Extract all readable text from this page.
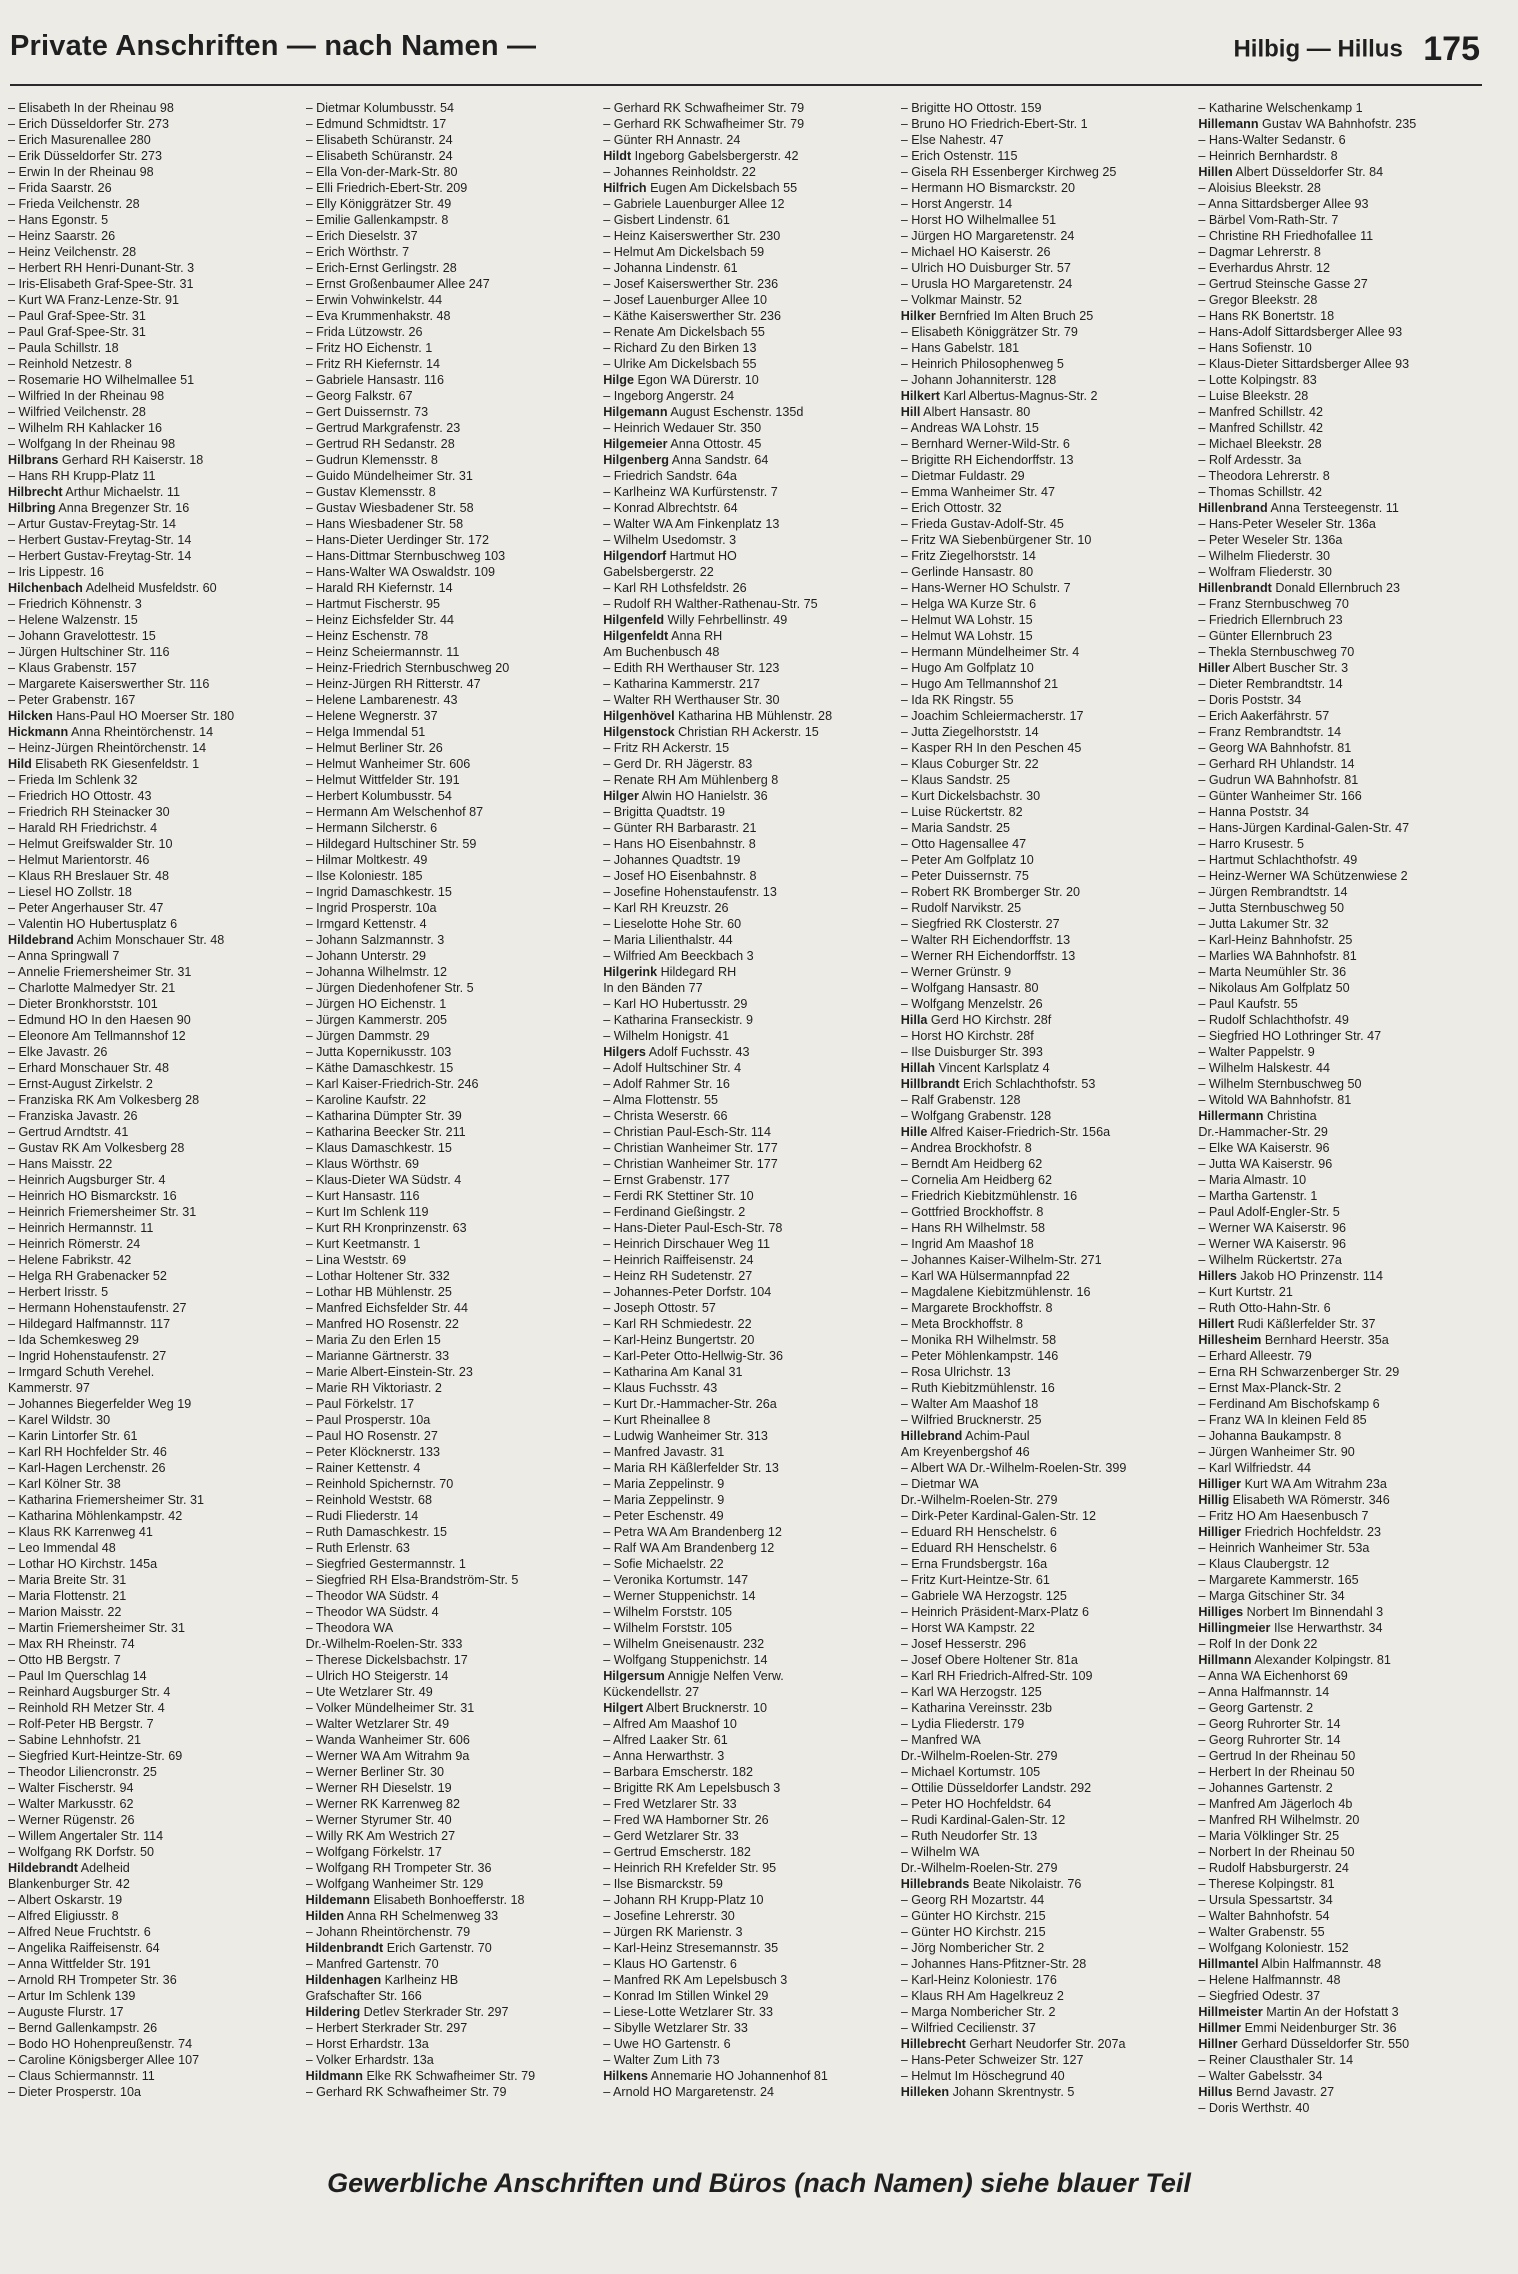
Private Anschriften — nach Namen —	Hilbig — Hillus 175
– Elisabeth In der Rheinau 98
– Erich Düsseldorfer Str. 273
– Erich Masurenallee 280
– Erik Düsseldorfer Str. 273
– Erwin In der Rheinau 98
– Frida Saarstr. 26
– Frieda Veilchenstr. 28
– Hans Egonstr. 5
– Heinz Saarstr. 26
– Heinz Veilchenstr. 28
– Herbert RH Henri-Dunant-Str. 3
– Iris-Elisabeth Graf-Spee-Str. 31
– Kurt WA Franz-Lenze-Str. 91
– Paul Graf-Spee-Str. 31
– Paul Graf-Spee-Str. 31
– Paula Schillstr. 18
– Reinhold Netzestr. 8
– Rosemarie HO Wilhelmallee 51
– Wilfried In der Rheinau 98
– Wilfried Veilchenstr. 28
– Wilhelm RH Kahlacker 16
– Wolfgang In der Rheinau 98
Hilbrans Gerhard RH Kaiserstr. 18
– Hans RH Krupp-Platz 11
Hilbrecht Arthur Michaelstr. 11
Hilbring Anna Bregenzer Str. 16
– Artur Gustav-Freytag-Str. 14
– Herbert Gustav-Freytag-Str. 14
– Herbert Gustav-Freytag-Str. 14
– Iris Lippestr. 16
Hilchenbach Adelheid Musfeldstr. 60
– Friedrich Köhnenstr. 3
– Helene Walzenstr. 15
– Johann Gravelottestr. 15
– Jürgen Hultschiner Str. 116
– Klaus Grabenstr. 157
– Margarete Kaiserswerther Str. 116
– Peter Grabenstr. 167
Hilcken Hans-Paul HO Moerser Str. 180
Hickmann Anna Rheintörchenstr. 14
– Heinz-Jürgen Rheintörchenstr. 14
Hild Elisabeth RK Giesenfeldstr. 1
– Frieda Im Schlenk 32
– Friedrich HO Ottostr. 43
– Friedrich RH Steinacker 30
– Harald RH Friedrichstr. 4
– Helmut Greifswalder Str. 10
– Helmut Marientorstr. 46
– Klaus RH Breslauer Str. 48
– Liesel HO Zollstr. 18
– Peter Angerhauser Str. 47
– Valentin HO Hubertusplatz 6
Hildebrand Achim Monschauer Str. 48
– Anna Springwall 7
– Annelie Friemersheimer Str. 31
– Charlotte Malmedyer Str. 21
– Dieter Bronkhorststr. 101
– Edmund HO In den Haesen 90
– Eleonore Am Tellmannshof 12
– Elke Javastr. 26
– Erhard Monschauer Str. 48
– Ernst-August Zirkelstr. 2
– Franziska RK Am Volkesberg 28
– Franziska Javastr. 26
– Gertrud Arndtstr. 41
– Gustav RK Am Volkesberg 28
– Hans Maisstr. 22
– Heinrich Augsburger Str. 4
– Heinrich HO Bismarckstr. 16
– Heinrich Friemersheimer Str. 31
– Heinrich Hermannstr. 11
– Heinrich Römerstr. 24
– Helene Fabrikstr. 42
– Helga RH Grabenacker 52
– Herbert Irisstr. 5
– Hermann Hohenstaufenstr. 27
– Hildegard Halfmannstr. 117
– Ida Schemkesweg 29
– Ingrid Hohenstaufenstr. 27
– Irmgard Schuth Verehel.
Kammerstr. 97
– Johannes Biegerfelder Weg 19
– Karel Wildstr. 30
– Karin Lintorfer Str. 61
– Karl RH Hochfelder Str. 46
– Karl-Hagen Lerchenstr. 26
– Karl Kölner Str. 38
– Katharina Friemersheimer Str. 31
– Katharina Möhlenkampstr. 42
– Klaus RK Karrenweg 41
– Leo Immendal 48
– Lothar HO Kirchstr. 145a
– Maria Breite Str. 31
– Maria Flottenstr. 21
– Marion Maisstr. 22
– Martin Friemersheimer Str. 31
– Max RH Rheinstr. 74
– Otto HB Bergstr. 7
– Paul Im Querschlag 14
– Reinhard Augsburger Str. 4
– Reinhold RH Metzer Str. 4
– Rolf-Peter HB Bergstr. 7
– Sabine Lehnhofstr. 21
– Siegfried Kurt-Heintze-Str. 69
– Theodor Liliencronstr. 25
– Walter Fischerstr. 94
– Walter Markusstr. 62
– Werner Rügenstr. 26
– Willem Angertaler Str. 114
– Wolfgang RK Dorfstr. 50
Hildebrandt Adelheid
Blankenburger Str. 42
– Albert Oskarstr. 19
– Alfred Eligiusstr. 8
– Alfred Neue Fruchtstr. 6
– Angelika Raiffeisenstr. 64
– Anna Wittfelder Str. 191
– Arnold RH Trompeter Str. 36
– Artur Im Schlenk 139
– Auguste Flurstr. 17
– Bernd Gallenkampstr. 26
– Bodo HO Hohenpreußenstr. 74
– Caroline Königsberger Allee 107
– Claus Schiermannstr. 11
– Dieter Prosperstr. 10a
– Dietmar Kolumbusstr. 54
– Edmund Schmidtstr. 17
– Elisabeth Schüranstr. 24
– Elisabeth Schüranstr. 24
– Ella Von-der-Mark-Str. 80
– Elli Friedrich-Ebert-Str. 209
– Elly Königgrätzer Str. 49
– Emilie Gallenkampstr. 8
– Erich Dieselstr. 37
– Erich Wörthstr. 7
– Erich-Ernst Gerlingstr. 28
– Ernst Großenbaumer Allee 247
– Erwin Vohwinkelstr. 44
– Eva Krummenhakstr. 48
– Frida Lützowstr. 26
– Fritz HO Eichenstr. 1
– Fritz RH Kiefernstr. 14
– Gabriele Hansastr. 116
– Georg Falkstr. 67
– Gert Duissernstr. 73
– Gertrud Markgrafenstr. 23
– Gertrud RH Sedanstr. 28
– Gudrun Klemensstr. 8
– Guido Mündelheimer Str. 31
– Gustav Klemensstr. 8
– Gustav Wiesbadener Str. 58
– Hans Wiesbadener Str. 58
– Hans-Dieter Uerdinger Str. 172
– Hans-Dittmar Sternbuschweg 103
– Hans-Walter WA Oswaldstr. 109
– Harald RH Kiefernstr. 14
– Hartmut Fischerstr. 95
– Heinz Eichsfelder Str. 44
– Heinz Eschenstr. 78
– Heinz Scheiermannstr. 11
– Heinz-Friedrich Sternbuschweg 20
– Heinz-Jürgen RH Ritterstr. 47
– Helene Lambarenestr. 43
– Helene Wegnerstr. 37
– Helga Immendal 51
– Helmut Berliner Str. 26
– Helmut Wanheimer Str. 606
– Helmut Wittfelder Str. 191
– Herbert Kolumbusstr. 54
– Hermann Am Welschenhof 87
– Hermann Silcherstr. 6
– Hildegard Hultschiner Str. 59
– Hilmar Moltkestr. 49
– Ilse Koloniestr. 185
– Ingrid Damaschkestr. 15
– Ingrid Prosperstr. 10a
– Irmgard Kettenstr. 4
– Johann Salzmannstr. 3
– Johann Unterstr. 29
– Johanna Wilhelmstr. 12
– Jürgen Diedenhofener Str. 5
– Jürgen HO Eichenstr. 1
– Jürgen Kammerstr. 205
– Jürgen Dammstr. 29
– Jutta Kopernikusstr. 103
– Käthe Damaschkestr. 15
– Karl Kaiser-Friedrich-Str. 246
– Karoline Kaufstr. 22
– Katharina Dümpter Str. 39
– Katharina Beecker Str. 211
– Klaus Damaschkestr. 15
– Klaus Wörthstr. 69
– Klaus-Dieter WA Südstr. 4
– Kurt Hansastr. 116
– Kurt Im Schlenk 119
– Kurt RH Kronprinzenstr. 63
– Kurt Keetmanstr. 1
– Lina Weststr. 69
– Lothar Holtener Str. 332
– Lothar HB Mühlenstr. 25
– Manfred Eichsfelder Str. 44
– Manfred HO Rosenstr. 22
– Maria Zu den Erlen 15
– Marianne Gärtnerstr. 33
– Marie Albert-Einstein-Str. 23
– Marie RH Viktoriastr. 2
– Paul Förkelstr. 17
– Paul Prosperstr. 10a
– Paul HO Rosenstr. 27
– Peter Klöcknerstr. 133
– Rainer Kettenstr. 4
– Reinhold Spichernstr. 70
– Reinhold Weststr. 68
– Rudi Fliederstr. 14
– Ruth Damaschkestr. 15
– Ruth Erlenstr. 63
– Siegfried Gestermannstr. 1
– Siegfried RH Elsa-Brandström-Str. 5
– Theodor WA Südstr. 4
– Theodor WA Südstr. 4
– Theodora WA
Dr.-Wilhelm-Roelen-Str. 333
– Therese Dickelsbachstr. 17
– Ulrich HO Steigerstr. 14
– Ute Wetzlarer Str. 49
– Volker Mündelheimer Str. 31
– Walter Wetzlarer Str. 49
– Wanda Wanheimer Str. 606
– Werner WA Am Witrahm 9a
– Werner Berliner Str. 30
– Werner RH Dieselstr. 19
– Werner RK Karrenweg 82
– Werner Styrumer Str. 40
– Willy RK Am Westrich 27
– Wolfgang Förkelstr. 17
– Wolfgang RH Trompeter Str. 36
– Wolfgang Wanheimer Str. 129
Hildemann Elisabeth Bonhoefferstr. 18
Hilden Anna RH Schelmenweg 33
– Johann Rheintörchenstr. 79
Hildenbrandt Erich Gartenstr. 70
– Manfred Gartenstr. 70
Hildenhagen Karlheinz HB
Grafschafter Str. 166
Hildering Detlev Sterkrader Str. 297
– Herbert Sterkrader Str. 297
– Horst Erhardstr. 13a
– Volker Erhardstr. 13a
Hildmann Elke RK Schwafheimer Str. 79
– Gerhard RK Schwafheimer Str. 79
– Gerhard RK Schwafheimer Str. 79
– Gerhard RK Schwafheimer Str. 79
– Günter RH Annastr. 24
Hildt Ingeborg Gabelsbergerstr. 42
– Johannes Reinholdstr. 22
Hilfrich Eugen Am Dickelsbach 55
– Gabriele Lauenburger Allee 12
– Gisbert Lindenstr. 61
– Heinz Kaiserswerther Str. 230
– Helmut Am Dickelsbach 59
– Johanna Lindenstr. 61
– Josef Kaiserswerther Str. 236
– Josef Lauenburger Allee 10
– Käthe Kaiserswerther Str. 236
– Renate Am Dickelsbach 55
– Richard Zu den Birken 13
– Ulrike Am Dickelsbach 55
Hilge Egon WA Dürerstr. 10
– Ingeborg Angerstr. 24
Hilgemann August Eschenstr. 135d
– Heinrich Wedauer Str. 350
Hilgemeier Anna Ottostr. 45
Hilgenberg Anna Sandstr. 64
– Friedrich Sandstr. 64a
– Karlheinz WA Kurfürstenstr. 7
– Konrad Albrechtstr. 64
– Walter WA Am Finkenplatz 13
– Wilhelm Usedomstr. 3
Hilgendorf Hartmut HO
Gabelsbergerstr. 22
– Karl RH Lothsfeldstr. 26
– Rudolf RH Walther-Rathenau-Str. 75
Hilgenfeld Willy Fehrbellinstr. 49
Hilgenfeldt Anna RH
Am Buchenbusch 48
– Edith RH Werthauser Str. 123
– Katharina Kammerstr. 217
– Walter RH Werthauser Str. 30
Hilgenhövel Katharina HB Mühlenstr. 28
Hilgenstock Christian RH Ackerstr. 15
– Fritz RH Ackerstr. 15
– Gerd Dr. RH Jägerstr. 83
– Renate RH Am Mühlenberg 8
Hilger Alwin HO Hanielstr. 36
– Brigitta Quadtstr. 19
– Günter RH Barbarastr. 21
– Hans HO Eisenbahnstr. 8
– Johannes Quadtstr. 19
– Josef HO Eisenbahnstr. 8
– Josefine Hohenstaufenstr. 13
– Karl RH Kreuzstr. 26
– Lieselotte Hohe Str. 60
– Maria Lilienthalstr. 44
– Wilfried Am Beeckbach 3
Hilgerink Hildegard RH
In den Bänden 77
– Karl HO Hubertusstr. 29
– Katharina Franseckistr. 9
– Wilhelm Honigstr. 41
Hilgers Adolf Fuchsstr. 43
– Adolf Hultschiner Str. 4
– Adolf Rahmer Str. 16
– Alma Flottenstr. 55
– Christa Weserstr. 66
– Christian Paul-Esch-Str. 114
– Christian Wanheimer Str. 177
– Christian Wanheimer Str. 177
– Ernst Grabenstr. 177
– Ferdi RK Stettiner Str. 10
– Ferdinand Gießingstr. 2
– Hans-Dieter Paul-Esch-Str. 78
– Heinrich Dirschauer Weg 11
– Heinrich Raiffeisenstr. 24
– Heinz RH Sudetenstr. 27
– Johannes-Peter Dorfstr. 104
– Joseph Ottostr. 57
– Karl RH Schmiedestr. 22
– Karl-Heinz Bungertstr. 20
– Karl-Peter Otto-Hellwig-Str. 36
– Katharina Am Kanal 31
– Klaus Fuchsstr. 43
– Kurt Dr.-Hammacher-Str. 26a
– Kurt Rheinallee 8
– Ludwig Wanheimer Str. 313
– Manfred Javastr. 31
– Maria RH Käßlerfelder Str. 13
– Maria Zeppelinstr. 9
– Maria Zeppelinstr. 9
– Peter Eschenstr. 49
– Petra WA Am Brandenberg 12
– Ralf WA Am Brandenberg 12
– Sofie Michaelstr. 22
– Veronika Kortumstr. 147
– Werner Stuppenichstr. 14
– Wilhelm Forststr. 105
– Wilhelm Forststr. 105
– Wilhelm Gneisenaustr. 232
– Wolfgang Stuppenichstr. 14
Hilgersum Annigje Nelfen Verw.
Kückendellstr. 27
Hilgert Albert Brucknerstr. 10
– Alfred Am Maashof 10
– Alfred Laaker Str. 61
– Anna Herwarthstr. 3
– Barbara Emscherstr. 182
– Brigitte RK Am Lepelsbusch 3
– Fred Wetzlarer Str. 33
– Fred WA Hamborner Str. 26
– Gerd Wetzlarer Str. 33
– Gertrud Emscherstr. 182
– Heinrich RH Krefelder Str. 95
– Ilse Bismarckstr. 59
– Johann RH Krupp-Platz 10
– Josefine Lehrerstr. 30
– Jürgen RK Marienstr. 3
– Karl-Heinz Stresemannstr. 35
– Klaus HO Gartenstr. 6
– Manfred RK Am Lepelsbusch 3
– Konrad Im Stillen Winkel 29
– Liese-Lotte Wetzlarer Str. 33
– Sibylle Wetzlarer Str. 33
– Uwe HO Gartenstr. 6
– Walter Zum Lith 73
Hilkens Annemarie HO Johannenhof 81
– Arnold HO Margaretenstr. 24
– Brigitte HO Ottostr. 159
– Bruno HO Friedrich-Ebert-Str. 1
– Else Nahestr. 47
– Erich Ostenstr. 115
– Gisela RH Essenberger Kirchweg 25
– Hermann HO Bismarckstr. 20
– Horst Angerstr. 14
– Horst HO Wilhelmallee 51
– Jürgen HO Margaretenstr. 24
– Michael HO Kaiserstr. 26
– Ulrich HO Duisburger Str. 57
– Urusla HO Margaretenstr. 24
– Volkmar Mainstr. 52
Hilker Bernfried Im Alten Bruch 25
– Elisabeth Königgrätzer Str. 79
– Hans Gabelstr. 181
– Heinrich Philosophenweg 5
– Johann Johanniterstr. 128
Hilkert Karl Albertus-Magnus-Str. 2
Hill Albert Hansastr. 80
– Andreas WA Lohstr. 15
– Bernhard Werner-Wild-Str. 6
– Brigitte RH Eichendorffstr. 13
– Dietmar Fuldastr. 29
– Emma Wanheimer Str. 47
– Erich Ottostr. 32
– Frieda Gustav-Adolf-Str. 45
– Fritz WA Siebenbürgener Str. 10
– Fritz Ziegelhorststr. 14
– Gerlinde Hansastr. 80
– Hans-Werner HO Schulstr. 7
– Helga WA Kurze Str. 6
– Helmut WA Lohstr. 15
– Helmut WA Lohstr. 15
– Hermann Mündelheimer Str. 4
– Hugo Am Golfplatz 10
– Hugo Am Tellmannshof 21
– Ida RK Ringstr. 55
– Joachim Schleiermacherstr. 17
– Jutta Ziegelhorststr. 14
– Kasper RH In den Peschen 45
– Klaus Coburger Str. 22
– Klaus Sandstr. 25
– Kurt Dickelsbachstr. 30
– Luise Rückertstr. 82
– Maria Sandstr. 25
– Otto Hagensallee 47
– Peter Am Golfplatz 10
– Peter Duissernstr. 75
– Robert RK Bromberger Str. 20
– Rudolf Narvikstr. 25
– Siegfried RK Closterstr. 27
– Walter RH Eichendorffstr. 13
– Werner RH Eichendorffstr. 13
– Werner Grünstr. 9
– Wolfgang Hansastr. 80
– Wolfgang Menzelstr. 26
Hilla Gerd HO Kirchstr. 28f
– Horst HO Kirchstr. 28f
– Ilse Duisburger Str. 393
Hillah Vincent Karlsplatz 4
Hillbrandt Erich Schlachthofstr. 53
– Ralf Grabenstr. 128
– Wolfgang Grabenstr. 128
Hille Alfred Kaiser-Friedrich-Str. 156a
– Andrea Brockhofstr. 8
– Berndt Am Heidberg 62
– Cornelia Am Heidberg 62
– Friedrich Kiebitzmühlenstr. 16
– Gottfried Brockhoffstr. 8
– Hans RH Wilhelmstr. 58
– Ingrid Am Maashof 18
– Johannes Kaiser-Wilhelm-Str. 271
– Karl WA Hülsermannpfad 22
– Magdalene Kiebitzmühlenstr. 16
– Margarete Brockhoffstr. 8
– Meta Brockhoffstr. 8
– Monika RH Wilhelmstr. 58
– Peter Möhlenkampstr. 146
– Rosa Ulrichstr. 13
– Ruth Kiebitzmühlenstr. 16
– Walter Am Maashof 18
– Wilfried Brucknerstr. 25
Hillebrand Achim-Paul
Am Kreyenbergshof 46
– Albert WA Dr.-Wilhelm-Roelen-Str. 399
– Dietmar WA
Dr.-Wilhelm-Roelen-Str. 279
– Dirk-Peter Kardinal-Galen-Str. 12
– Eduard RH Henschelstr. 6
– Eduard RH Henschelstr. 6
– Erna Frundsbergstr. 16a
– Fritz Kurt-Heintze-Str. 61
– Gabriele WA Herzogstr. 125
– Heinrich Präsident-Marx-Platz 6
– Horst WA Kampstr. 22
– Josef Hesserstr. 296
– Josef Obere Holtener Str. 81a
– Karl RH Friedrich-Alfred-Str. 109
– Karl WA Herzogstr. 125
– Katharina Vereinsstr. 23b
– Lydia Fliederstr. 179
– Manfred WA
Dr.-Wilhelm-Roelen-Str. 279
– Michael Kortumstr. 105
– Ottilie Düsseldorfer Landstr. 292
– Peter HO Hochfeldstr. 64
– Rudi Kardinal-Galen-Str. 12
– Ruth Neudorfer Str. 13
– Wilhelm WA
Dr.-Wilhelm-Roelen-Str. 279
Hillebrands Beate Nikolaistr. 76
– Georg RH Mozartstr. 44
– Günter HO Kirchstr. 215
– Günter HO Kirchstr. 215
– Jörg Nombericher Str. 2
– Johannes Hans-Pfitzner-Str. 28
– Karl-Heinz Koloniestr. 176
– Klaus RH Am Hagelkreuz 2
– Marga Nombericher Str. 2
– Wilfried Cecilienstr. 37
Hillebrecht Gerhart Neudorfer Str. 207a
– Hans-Peter Schweizer Str. 127
– Helmut Im Höschegrund 40
Hilleken Johann Skrentnystr. 5
– Katharine Welschenkamp 1
Hillemann Gustav WA Bahnhofstr. 235
– Hans-Walter Sedanstr. 6
– Heinrich Bernhardstr. 8
Hillen Albert Düsseldorfer Str. 84
– Aloisius Bleekstr. 28
– Anna Sittardsberger Allee 93
– Bärbel Vom-Rath-Str. 7
– Christine RH Friedhofallee 11
– Dagmar Lehrerstr. 8
– Everhardus Ahrstr. 12
– Gertrud Steinsche Gasse 27
– Gregor Bleekstr. 28
– Hans RK Bonertstr. 18
– Hans-Adolf Sittardsberger Allee 93
– Hans Sofienstr. 10
– Klaus-Dieter Sittardsberger Allee 93
– Lotte Kolpingstr. 83
– Luise Bleekstr. 28
– Manfred Schillstr. 42
– Manfred Schillstr. 42
– Michael Bleekstr. 28
– Rolf Ardesstr. 3a
– Theodora Lehrerstr. 8
– Thomas Schillstr. 42
Hillenbrand Anna Tersteegenstr. 11
– Hans-Peter Weseler Str. 136a
– Peter Weseler Str. 136a
– Wilhelm Fliederstr. 30
– Wolfram Fliederstr. 30
Hillenbrandt Donald Ellernbruch 23
– Franz Sternbuschweg 70
– Friedrich Ellernbruch 23
– Günter Ellernbruch 23
– Thekla Sternbuschweg 70
Hiller Albert Buscher Str. 3
– Dieter Rembrandtstr. 14
– Doris Poststr. 34
– Erich Aakerfährstr. 57
– Franz Rembrandtstr. 14
– Georg WA Bahnhofstr. 81
– Gerhard RH Uhlandstr. 14
– Gudrun WA Bahnhofstr. 81
– Günter Wanheimer Str. 166
– Hanna Poststr. 34
– Hans-Jürgen Kardinal-Galen-Str. 47
– Harro Krusestr. 5
– Hartmut Schlachthofstr. 49
– Heinz-Werner WA Schützenwiese 2
– Jürgen Rembrandtstr. 14
– Jutta Sternbuschweg 50
– Jutta Lakumer Str. 32
– Karl-Heinz Bahnhofstr. 25
– Marlies WA Bahnhofstr. 81
– Marta Neumühler Str. 36
– Nikolaus Am Golfplatz 50
– Paul Kaufstr. 55
– Rudolf Schlachthofstr. 49
– Siegfried HO Lothringer Str. 47
– Walter Pappelstr. 9
– Wilhelm Halskestr. 44
– Wilhelm Sternbuschweg 50
– Witold WA Bahnhofstr. 81
Hillermann Christina
Dr.-Hammacher-Str. 29
– Elke WA Kaiserstr. 96
– Jutta WA Kaiserstr. 96
– Maria Almastr. 10
– Martha Gartenstr. 1
– Paul Adolf-Engler-Str. 5
– Werner WA Kaiserstr. 96
– Werner WA Kaiserstr. 96
– Wilhelm Rückertstr. 27a
Hillers Jakob HO Prinzenstr. 114
– Kurt Kurtstr. 21
– Ruth Otto-Hahn-Str. 6
Hillert Rudi Käßlerfelder Str. 37
Hillesheim Bernhard Heerstr. 35a
– Erhard Alleestr. 79
– Erna RH Schwarzenberger Str. 29
– Ernst Max-Planck-Str. 2
– Ferdinand Am Bischofskamp 6
– Franz WA In kleinen Feld 85
– Johanna Baukampstr. 8
– Jürgen Wanheimer Str. 90
– Karl Wilfriedstr. 44
Hilliger Kurt WA Am Witrahm 23a
Hillig Elisabeth WA Römerstr. 346
– Fritz HO Am Haesenbusch 7
Hilliger Friedrich Hochfeldstr. 23
– Heinrich Wanheimer Str. 53a
– Klaus Claubergstr. 12
– Margarete Kammerstr. 165
– Marga Gitschiner Str. 34
Hilliges Norbert Im Binnendahl 3
Hillingmeier Ilse Herwarthstr. 34
– Rolf In der Donk 22
Hillmann Alexander Kolpingstr. 81
– Anna WA Eichenhorst 69
– Anna Halfmannstr. 14
– Georg Gartenstr. 2
– Georg Ruhrorter Str. 14
– Georg Ruhrorter Str. 14
– Gertrud In der Rheinau 50
– Herbert In der Rheinau 50
– Johannes Gartenstr. 2
– Manfred Am Jägerloch 4b
– Manfred RH Wilhelmstr. 20
– Maria Völklinger Str. 25
– Norbert In der Rheinau 50
– Rudolf Habsburgerstr. 24
– Therese Kolpingstr. 81
– Ursula Spessartstr. 34
– Walter Bahnhofstr. 54
– Walter Grabenstr. 55
– Wolfgang Koloniestr. 152
Hillmantel Albin Halfmannstr. 48
– Helene Halfmannstr. 48
– Siegfried Odestr. 37
Hillmeister Martin An der Hofstatt 3
Hillmer Emmi Neidenburger Str. 36
Hillner Gerhard Düsseldorfer Str. 550
– Reiner Clausthaler Str. 14
– Walter Gabelsstr. 34
Hillus Bernd Javastr. 27
– Doris Werthstr. 40
Gewerbliche Anschriften und Büros (nach Namen) siehe blauer Teil
